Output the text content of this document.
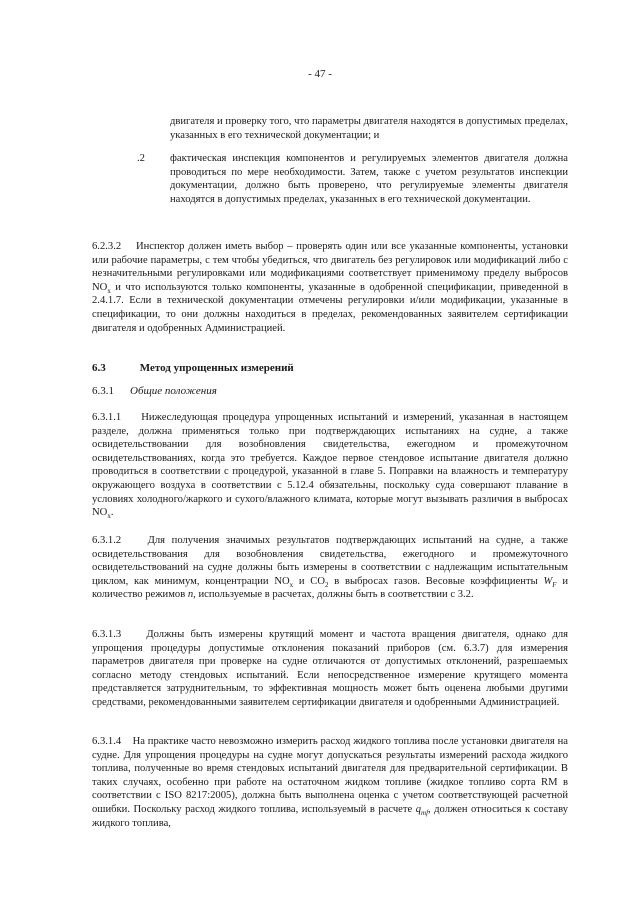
- 47 -

двигателя и проверку того, что параметры двигателя находятся в допустимых пределах, указанных в его технической документации; и

.2	фактическая инспекция компонентов и регулируемых элементов двигателя должна проводиться по мере необходимости. Затем, также с учетом результатов инспекции документации, должно быть проверено, что регулируемые элементы двигателя находятся в допустимых пределах, указанных в его технической документации.

6.2.3.2 Инспектор должен иметь выбор – проверять один или все указанные компоненты, установки или рабочие параметры, с тем чтобы убедиться, что двигатель без регулировок или модификаций либо с незначительными регулировками или модификациями соответствует применимому пределу выбросов $NO_x$ и что используются только компоненты, указанные в одобренной спецификации, приведенной в 2.4.1.7. Если в технической документации отмечены регулировки и/или модификации, указанные в спецификации, то они должны находиться в пределах, рекомендованных заявителем сертификации двигателя и одобренных Администрацией.

6.3	Метод упрощенных измерений
6.3.1 Общие положения

6.3.1.1 Нижеследующая процедура упрощенных испытаний и измерений, указанная в настоящем разделе, должна применяться только при подтверждающих испытаниях на судне, а также освидетельствовании для возобновления свидетельства, ежегодном и промежуточном освидетельствованиях, когда это требуется. Каждое первое стендовое испытание двигателя должно проводиться в соответствии с процедурой, указанной в главе 5. Поправки на влажность и температуру окружающего воздуха в соответствии с 5.12.4 обязательны, поскольку суда совершают плавание в условиях холодного/жаркого и сухого/влажного климата, которые могут вызывать различия в выбросах $NO_x$.

6.3.1.2	Для получения значимых результатов подтверждающих испытаний на судне, а также освидетельствования для возобновления свидетельства, ежегодного и промежуточного освидетельствований на судне должны быть измерены в соответствии с надлежащим испытательным циклом, как минимум, концентрации $NO_x$ и $CO_2$ в выбросах газов. Весовые коэффициенты $W_F$ и количество режимов n, используемые в расчетах, должны быть в соответствии с 3.2.

6.3.1.3 Должны быть измерены крутящий момент и частота вращения двигателя, однако для упрощения процедуры допустимые отклонения показаний приборов (см. 6.3.7) для измерения параметров двигателя при проверке на судне отличаются от допустимых отклонений, разрешаемых согласно методу стендовых испытаний. Если непосредственное измерение крутящего момента представляется затруднительным, то эффективная мощность может быть оценена любыми другими средствами, рекомендованными заявителем сертификации двигателя и одобренными Администрацией.

6.3.1.4 На практике часто невозможно измерить расход жидкого топлива после установки двигателя на судне. Для упрощения процедуры на судне могут допускаться результаты измерений расхода жидкого топлива, полученные во время стендовых испытаний двигателя для предварительной сертификации. В таких случаях, особенно при работе на остаточном жидком топливе (жидкое топливо сорта RM в соответствии с ISO 8217:2005), должна быть выполнена оценка с учетом соответствующей расчетной ошибки. Поскольку расход жидкого топлива, используемый в расчете $q_{mf}$, должен относиться к составу жидкого топлива,
